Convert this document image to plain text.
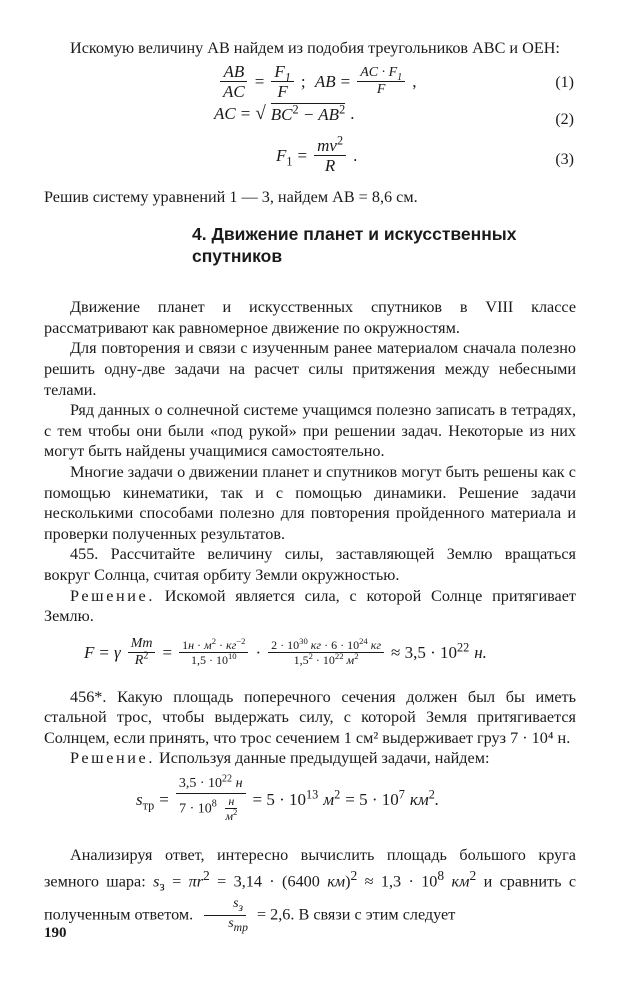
Искомую величину AB найдем из подобия треугольников ABC и OEH:

$\frac{AB}{AC} = \frac{F_1}{F}$ ; AB = $\frac{AC \cdot F_1}{F}$ ,	(1)
AC = √ $BC^2 - AB^2$ .	(2)
$F_1 = \frac{mv^2}{R}$ .	(3)

Решив систему уравнений 1 — 3, найдем AB = 8,6 см.

4. Движение планет и искусственных спутников

Движение планет и искусственных спутников в VIII классе рассматривают как равномерное движение по окружностям.

Для повторения и связи с изученным ранее материалом сначала полезно решить одну-две задачи на расчет силы притяжения между небесными телами.

Ряд данных о солнечной системе учащимся полезно записать в тетрадях, с тем чтобы они были «под рукой» при решении задач. Некоторые из них могут быть найдены учащимися самостоятельно.

Многие задачи о движении планет и спутников могут быть решены как с помощью кинематики, так и с помощью динамики. Решение задачи несколькими способами полезно для повторения пройденного материала и проверки полученных результатов.

455. Рассчитайте величину силы, заставляющей Землю вращаться вокруг Солнца, считая орбиту Земли окружностью.

Решение. Искомой является сила, с которой Солнце притягивает Землю.

F = γ $\frac{Mm}{R^2} = \frac{1н \cdot м^2 \cdot кг^{-2}}{1,5 \cdot 10^{10}} \cdot \frac{2 \cdot 10^{30} кг \cdot 6 \cdot 10^{24} кг}{1,5^2 \cdot 10^{22} м^2} \approx 3,5 \cdot 10^{22}$ н.

456*. Какую площадь поперечного сечения должен был бы иметь стальной трос, чтобы выдержать силу, с которой Земля притягивается Солнцем, если принять, что трос сечением 1 см² выдерживает груз 7 · 10⁴ н.

Решение. Используя данные предыдущей задачи, найдем:

$s_{тр} = \frac{3,5 \cdot 10^{22} н}{7 \cdot 10^8 \frac{н}{м^2}} = 5 \cdot 10^{13}$ $м^2 = 5 \cdot 10^7$ $км^2$.

Анализируя ответ, интересно вычислить площадь большого круга земного шара: $s_з = \pi r^2 = 3,14 \cdot (6400$ $км)^2 \approx 1,3 \cdot 10^8$ $км^2$ и сравнить с полученным ответом. $\frac{s_з}{s_{тр}} = 2,6$. В связи с этим следует

190
